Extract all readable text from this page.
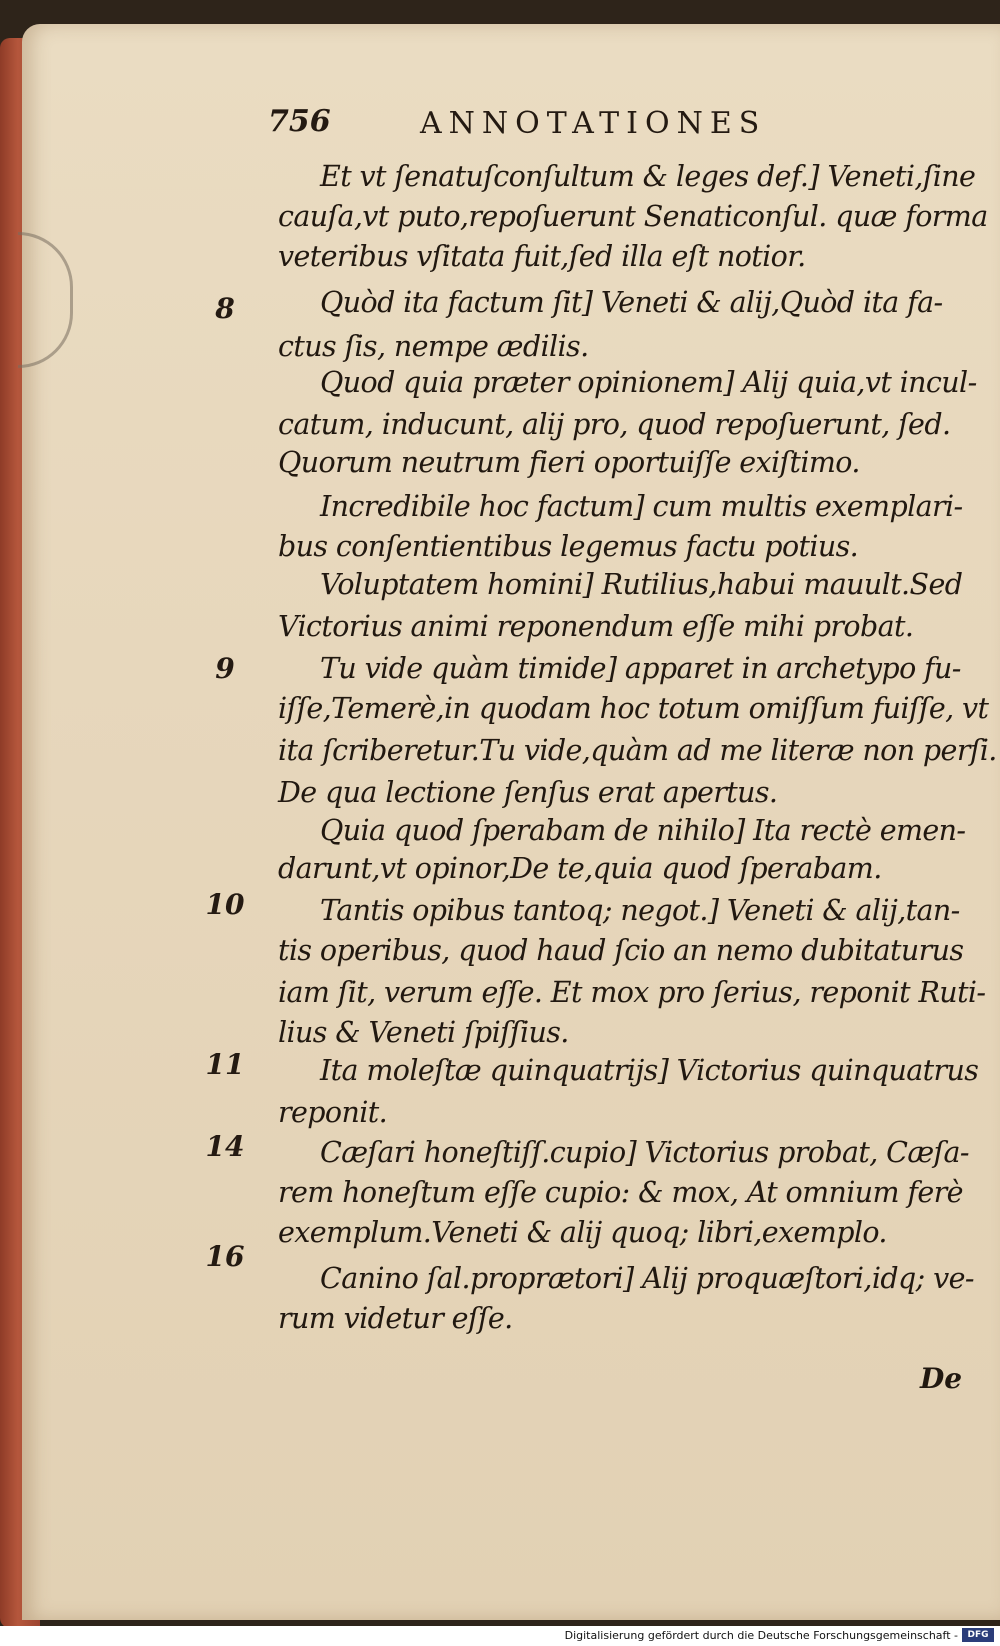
756	ANNOTATIONES
8
9
10
11
14
16
Et vt ſenatuſconſultum & leges def.] Veneti,ſine
cauſa,vt puto,repoſuerunt Senaticonſul. quæ forma
veteribus vſitata fuit,ſed illa eſt notior.
Quòd ita factum ſit] Veneti & alij,Quòd ita fa-
ctus ſis, nempe ædilis.
Quod quia præter opinionem] Alij quia,vt incul-
catum, inducunt, alij pro, quod repoſuerunt, ſed.
Quorum neutrum fieri oportuiſſe exiſtimo.
Incredibile hoc factum] cum multis exemplari-
bus conſentientibus legemus factu potius.
Voluptatem homini] Rutilius,habui mauult.Sed
Victorius animi reponendum eſſe mihi probat.
Tu vide quàm timide] apparet in archetypo fu-
iſſe,Temerè,in quodam hoc totum omiſſum fuiſſe, vt
ita ſcriberetur.Tu vide,quàm ad me literæ non perſi.
De qua lectione ſenſus erat apertus.
Quia quod ſperabam de nihilo] Ita rectè emen-
darunt,vt opinor,De te,quia quod ſperabam.
Tantis opibus tantoq; negot.] Veneti & alij,tan-
tis operibus, quod haud ſcio an nemo dubitaturus
iam ſit, verum eſſe. Et mox pro ſerius, reponit Ruti-
lius & Veneti ſpiſſius.
Ita moleſtæ quinquatrijs] Victorius quinquatrus
reponit.
Cæſari honeſtiſſ.cupio] Victorius probat, Cæſa-
rem honeſtum eſſe cupio: & mox, At omnium ferè
exemplum.Veneti & alij quoq; libri,exemplo.
Canino ſal.proprætori] Alij proquæſtori,idq; ve-
rum videtur eſſe.
De
Digitalisierung gefördert durch die Deutsche Forschungsgemeinschaft -	DFG
